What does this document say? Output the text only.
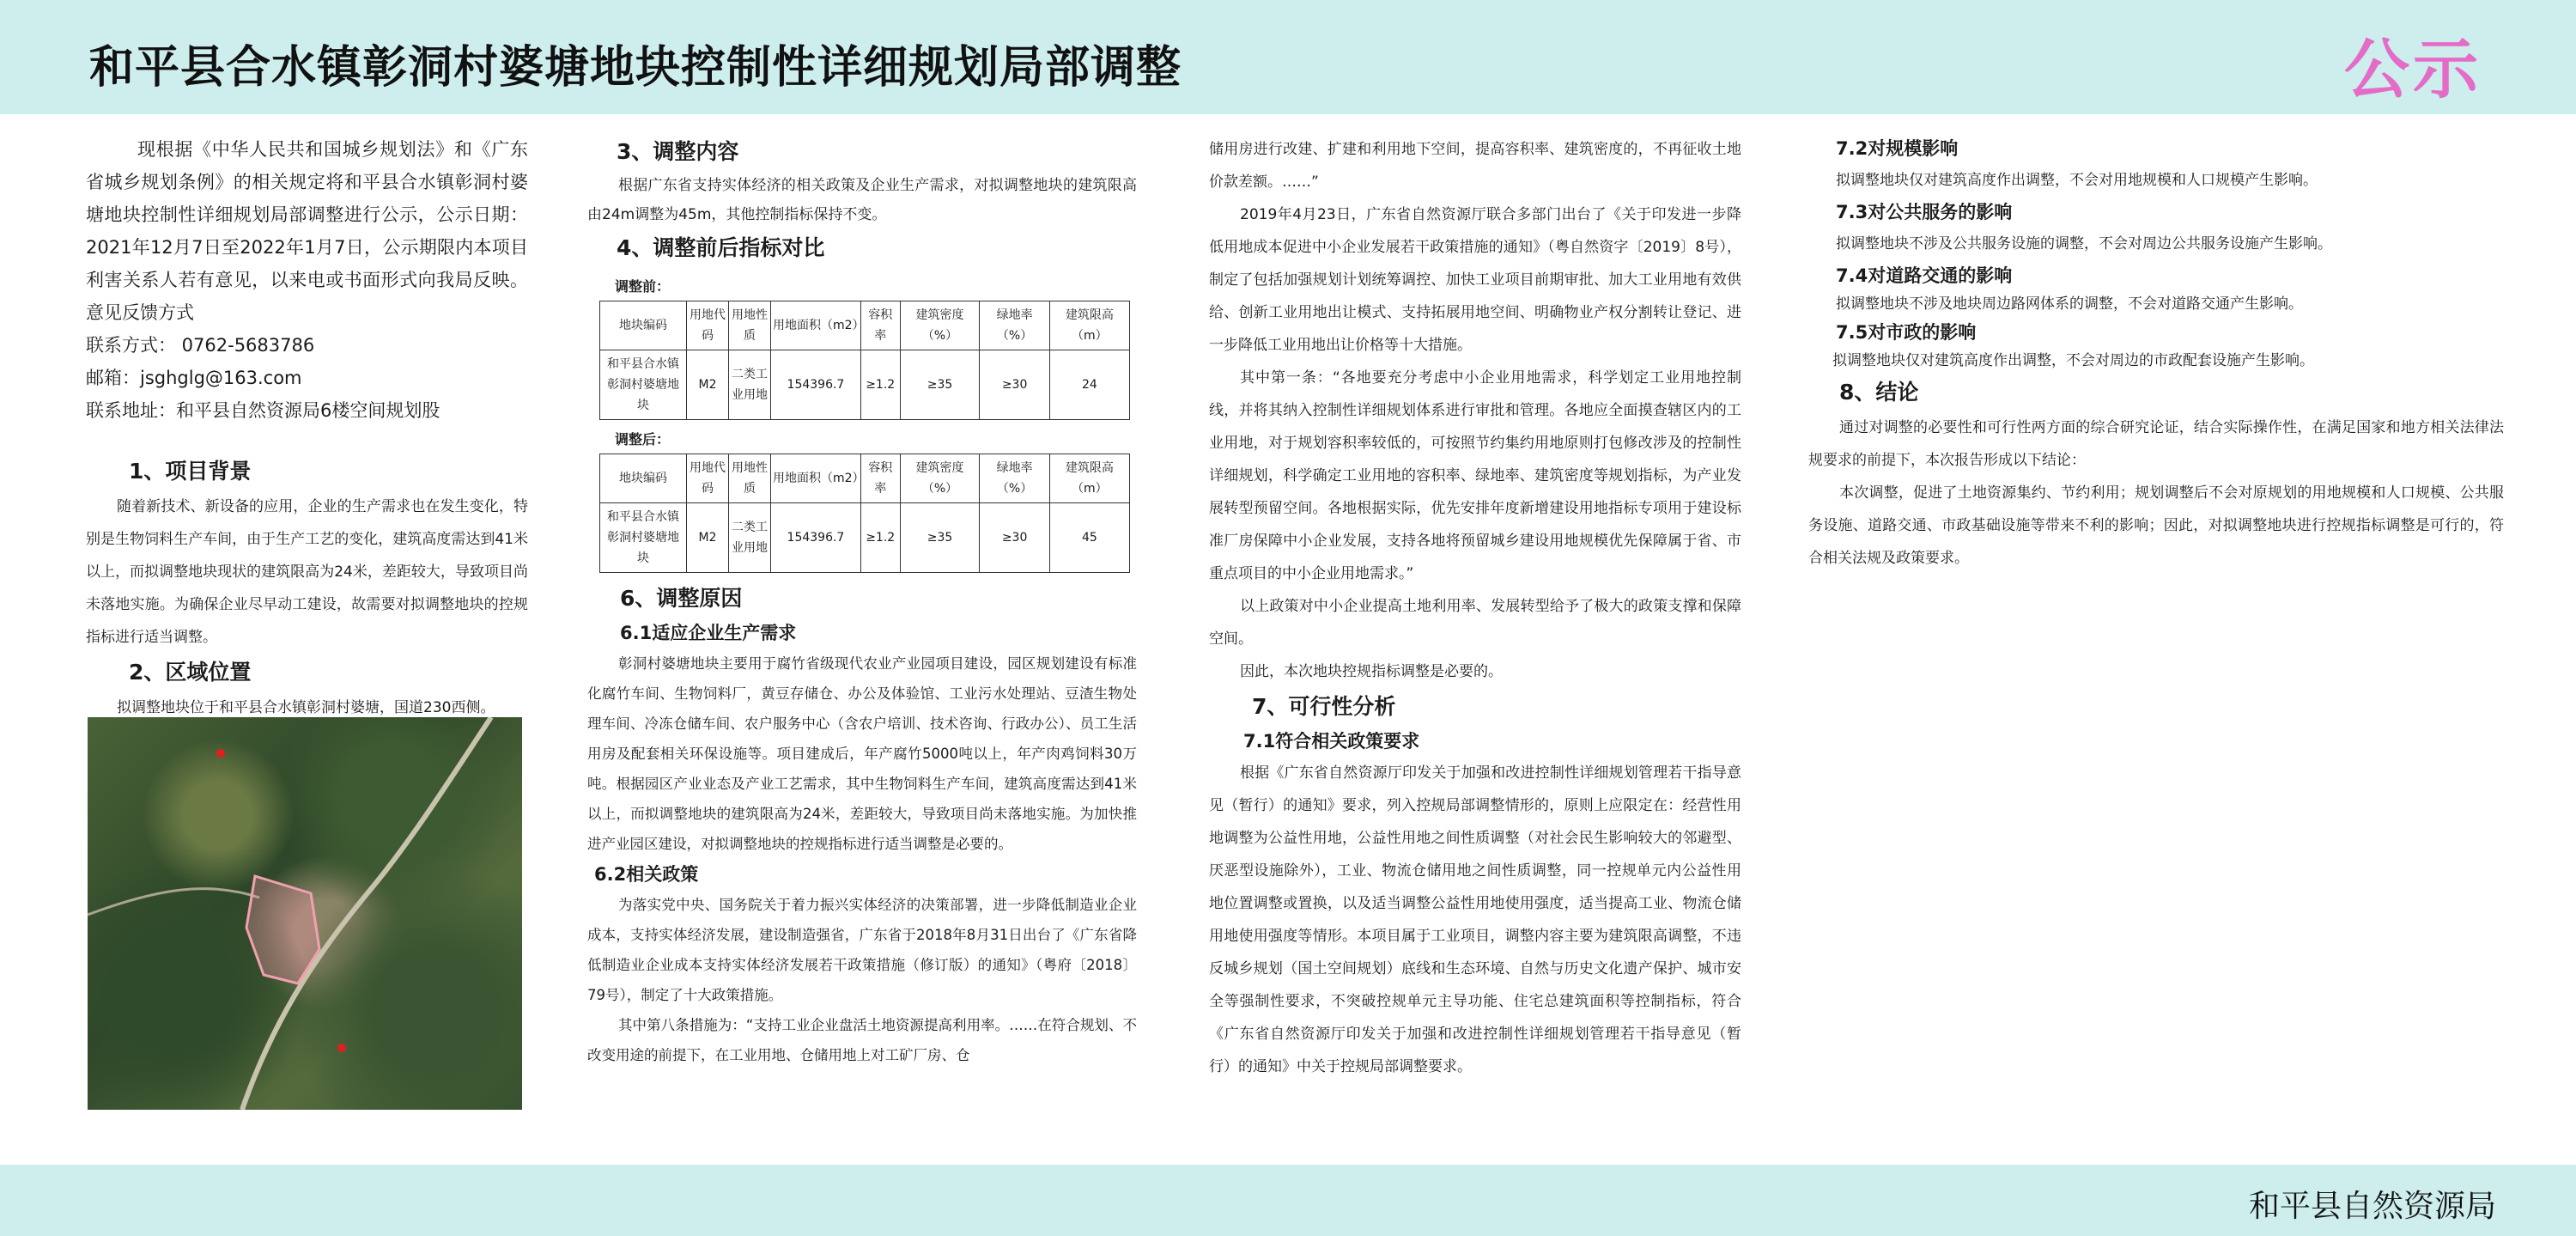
和平县合水镇彰洞村婆塘地块控制性详细规划局部调整	公示

现根据《中华人民共和国城乡规划法》和《广东省城乡规划条例》的相关规定将和平县合水镇彰洞村婆塘地块控制性详细规划局部调整进行公示，公示日期：2021年12月7日至2022年1月7日，公示期限内本项目利害关系人若有意见，以来电或书面形式向我局反映。意见反馈方式

联系方式： 0762-5683786

邮箱：jsghglg@163.com

联系地址：和平县自然资源局6楼空间规划股

1、项目背景

随着新技术、新设备的应用，企业的生产需求也在发生变化，特别是生物饲料生产车间，由于生产工艺的变化，建筑高度需达到41米以上，而拟调整地块现状的建筑限高为24米，差距较大，导致项目尚未落地实施。为确保企业尽早动工建设，故需要对拟调整地块的控规指标进行适当调整。

2、区域位置

拟调整地块位于和平县合水镇彰洞村婆塘，国道230西侧。

3、调整内容

根据广东省支持实体经济的相关政策及企业生产需求，对拟调整地块的建筑限高由24m调整为45m，其他控制指标保持不变。

4、调整前后指标对比

调整前：
地块编码	用地代码	用地性质	用地面积（m2）	容积率	建筑密度（%）	绿地率（%）	建筑限高（m）
和平县合水镇彰洞村婆塘地块	M2	二类工业用地	154396.7	≥1.2	≥35	≥30	24
调整后：
地块编码	用地代码	用地性质	用地面积（m2）	容积率	建筑密度（%）	绿地率（%）	建筑限高（m）
和平县合水镇彰洞村婆塘地块	M2	二类工业用地	154396.7	≥1.2	≥35	≥30	45

6、调整原因

6.1适应企业生产需求

彰洞村婆塘地块主要用于腐竹省级现代农业产业园项目建设，园区规划建设有标准化腐竹车间、生物饲料厂，黄豆存储仓、办公及体验馆、工业污水处理站、豆渣生物处理车间、冷冻仓储车间、农户服务中心（含农户培训、技术咨询、行政办公）、员工生活用房及配套相关环保设施等。项目建成后，年产腐竹5000吨以上，年产肉鸡饲料30万吨。根据园区产业业态及产业工艺需求，其中生物饲料生产车间，建筑高度需达到41米以上，而拟调整地块的建筑限高为24米，差距较大，导致项目尚未落地实施。为加快推进产业园区建设，对拟调整地块的控规指标进行适当调整是必要的。

6.2相关政策

为落实党中央、国务院关于着力振兴实体经济的决策部署，进一步降低制造业企业成本，支持实体经济发展，建设制造强省，广东省于2018年8月31日出台了《广东省降低制造业企业成本支持实体经济发展若干政策措施（修订版）的通知》（粤府〔2018〕79号），制定了十大政策措施。

其中第八条措施为：“支持工业企业盘活土地资源提高利用率。……在符合规划、不改变用途的前提下，在工业用地、仓储用地上对工矿厂房、仓

储用房进行改建、扩建和利用地下空间，提高容积率、建筑密度的，不再征收土地价款差额。……”

2019年4月23日，广东省自然资源厅联合多部门出台了《关于印发进一步降低用地成本促进中小企业发展若干政策措施的通知》（粤自然资字〔2019〕8号），制定了包括加强规划计划统筹调控、加快工业项目前期审批、加大工业用地有效供给、创新工业用地出让模式、支持拓展用地空间、明确物业产权分割转让登记、进一步降低工业用地出让价格等十大措施。

其中第一条：“各地要充分考虑中小企业用地需求，科学划定工业用地控制线，并将其纳入控制性详细规划体系进行审批和管理。各地应全面摸查辖区内的工业用地，对于规划容积率较低的，可按照节约集约用地原则打包修改涉及的控制性详细规划，科学确定工业用地的容积率、绿地率、建筑密度等规划指标，为产业发展转型预留空间。各地根据实际，优先安排年度新增建设用地指标专项用于建设标准厂房保障中小企业发展，支持各地将预留城乡建设用地规模优先保障属于省、市重点项目的中小企业用地需求。”

以上政策对中小企业提高土地利用率、发展转型给予了极大的政策支撑和保障空间。

因此，本次地块控规指标调整是必要的。

7、可行性分析

7.1符合相关政策要求

根据《广东省自然资源厅印发关于加强和改进控制性详细规划管理若干指导意见（暂行）的通知》要求，列入控规局部调整情形的，原则上应限定在：经营性用地调整为公益性用地，公益性用地之间性质调整（对社会民生影响较大的邻避型、厌恶型设施除外），工业、物流仓储用地之间性质调整，同一控规单元内公益性用地位置调整或置换，以及适当调整公益性用地使用强度，适当提高工业、物流仓储用地使用强度等情形。本项目属于工业项目，调整内容主要为建筑限高调整，不违反城乡规划（国土空间规划）底线和生态环境、自然与历史文化遗产保护、城市安全等强制性要求，不突破控规单元主导功能、住宅总建筑面积等控制指标，符合《广东省自然资源厅印发关于加强和改进控制性详细规划管理若干指导意见（暂行）的通知》中关于控规局部调整要求。

7.2对规模影响

拟调整地块仅对建筑高度作出调整，不会对用地规模和人口规模产生影响。

7.3对公共服务的影响

拟调整地块不涉及公共服务设施的调整，不会对周边公共服务设施产生影响。

7.4对道路交通的影响

拟调整地块不涉及地块周边路网体系的调整，不会对道路交通产生影响。

7.5对市政的影响

拟调整地块仅对建筑高度作出调整，不会对周边的市政配套设施产生影响。

8、结论

通过对调整的必要性和可行性两方面的综合研究论证，结合实际操作性，在满足国家和地方相关法律法规要求的前提下，本次报告形成以下结论：

本次调整，促进了土地资源集约、节约利用；规划调整后不会对原规划的用地规模和人口规模、公共服务设施、道路交通、市政基础设施等带来不利的影响；因此，对拟调整地块进行控规指标调整是可行的，符合相关法规及政策要求。

和平县自然资源局
